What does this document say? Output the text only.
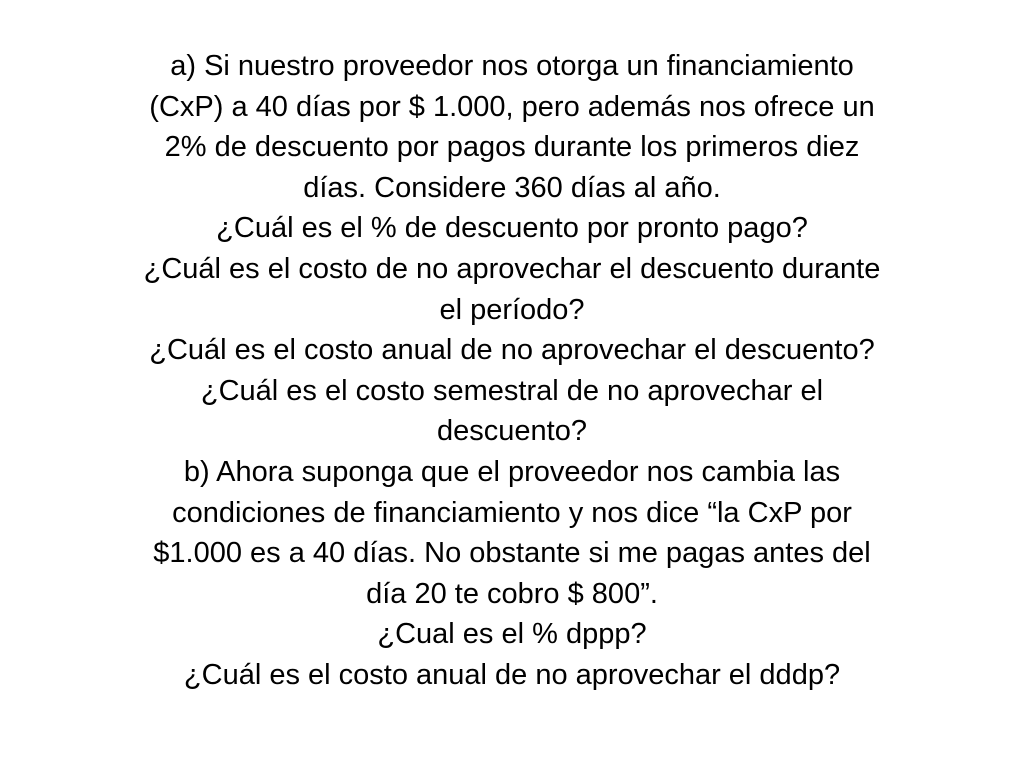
a) Si nuestro proveedor nos otorga un financiamiento
(CxP) a 40 días por $ 1.000, pero además nos ofrece un
2% de descuento por pagos durante los primeros diez
días. Considere 360 días al año.
¿Cuál es el % de descuento por pronto pago?
¿Cuál es el costo de no aprovechar el descuento durante
el período?
¿Cuál es el costo anual de no aprovechar el descuento?
¿Cuál es el costo semestral de no aprovechar el
descuento?
b) Ahora suponga que el proveedor nos cambia las
condiciones de financiamiento y nos dice “la CxP por
$1.000 es a 40 días. No obstante si me pagas antes del
día 20 te cobro $ 800”.
¿Cual es el % dppp?
¿Cuál es el costo anual de no aprovechar el dddp?
